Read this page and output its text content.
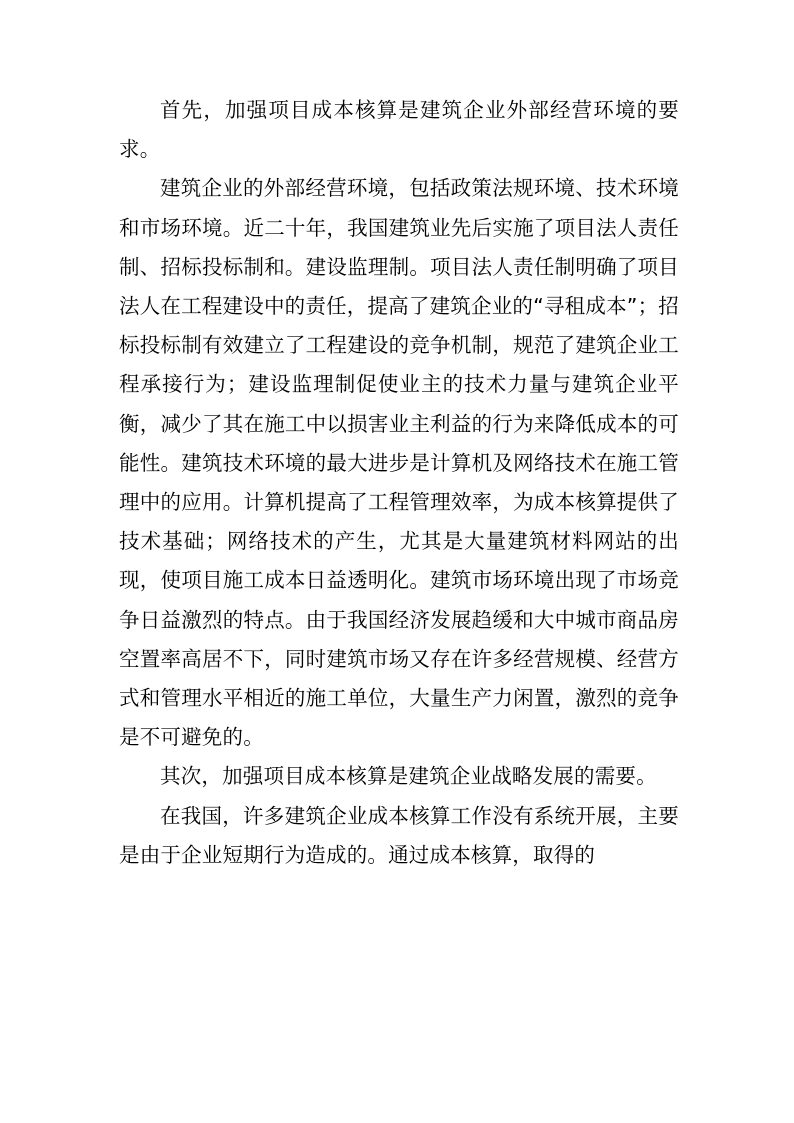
首先，加强项目成本核算是建筑企业外部经营环境的要求。

建筑企业的外部经营环境，包括政策法规环境、技术环境和市场环境。近二十年，我国建筑业先后实施了项目法人责任制、招标投标制和。建设监理制。项目法人责任制明确了项目法人在工程建设中的责任，提高了建筑企业的“寻租成本”；招标投标制有效建立了工程建设的竞争机制，规范了建筑企业工程承接行为；建设监理制促使业主的技术力量与建筑企业平衡，减少了其在施工中以损害业主利益的行为来降低成本的可能性。建筑技术环境的最大进步是计算机及网络技术在施工管理中的应用。计算机提高了工程管理效率，为成本核算提供了技术基础；网络技术的产生，尤其是大量建筑材料网站的出现，使项目施工成本日益透明化。建筑市场环境出现了市场竞争日益激烈的特点。由于我国经济发展趋缓和大中城市商品房空置率高居不下，同时建筑市场又存在许多经营规模、经营方式和管理水平相近的施工单位，大量生产力闲置，激烈的竞争是不可避免的。

其次，加强项目成本核算是建筑企业战略发展的需要。

在我国，许多建筑企业成本核算工作没有系统开展，主要是由于企业短期行为造成的。通过成本核算，取得的
